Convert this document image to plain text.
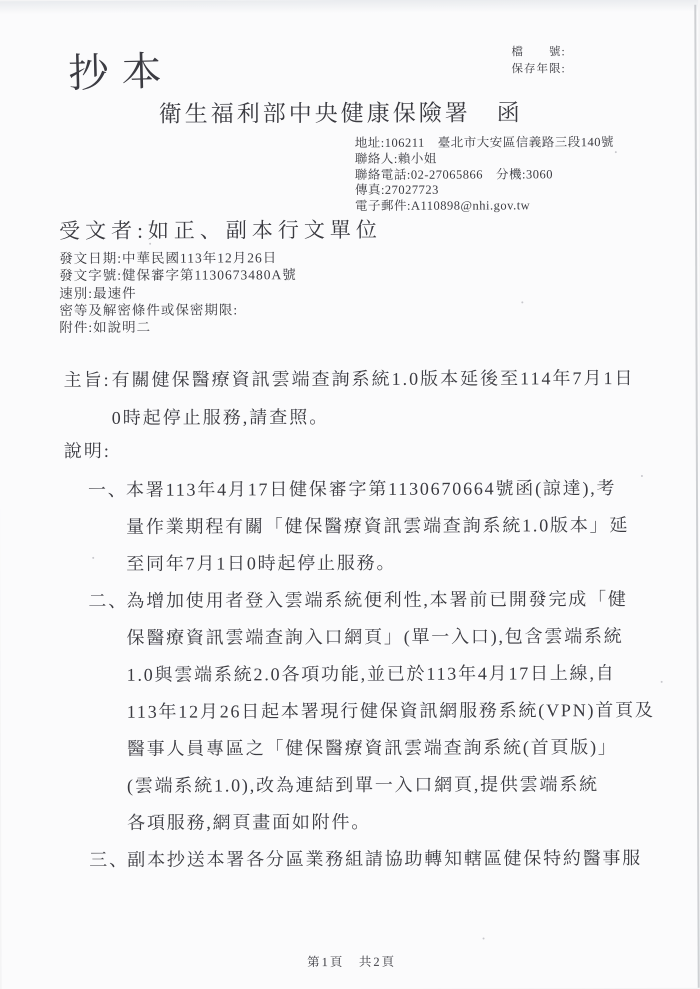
抄本	檔　　號:
保存年限:
衛生福利部中央健康保險署　函
地址:106211　臺北市大安區信義路三段140號
聯絡人:賴小姐
聯絡電話:02-27065866　分機:3060
傳真:27027723
電子郵件:A110898@nhi.gov.tw
受文者:如正、副本行文單位
發文日期:中華民國113年12月26日
發文字號:健保審字第1130673480A號
速別:最速件
密等及解密條件或保密期限:
附件:如說明二
主旨: 有關健保醫療資訊雲端查詢系統1.0版本延後至114年7月1日
0時起停止服務,請查照。
說明:
一、
本署113年4月17日健保審字第1130670664號函(諒達),考
量作業期程有關「健保醫療資訊雲端查詢系統1.0版本」延
至同年7月1日0時起停止服務。
二、
為增加使用者登入雲端系統便利性,本署前已開發完成「健
保醫療資訊雲端查詢入口網頁」(單一入口),包含雲端系統
1.0與雲端系統2.0各項功能,並已於113年4月17日上線,自
113年12月26日起本署現行健保資訊網服務系統(VPN)首頁及
醫事人員專區之「健保醫療資訊雲端查詢系統(首頁版)」
(雲端系統1.0),改為連結到單一入口網頁,提供雲端系統
各項服務,網頁畫面如附件。
三、
副本抄送本署各分區業務組請協助轉知轄區健保特約醫事服
第1頁　共2頁
